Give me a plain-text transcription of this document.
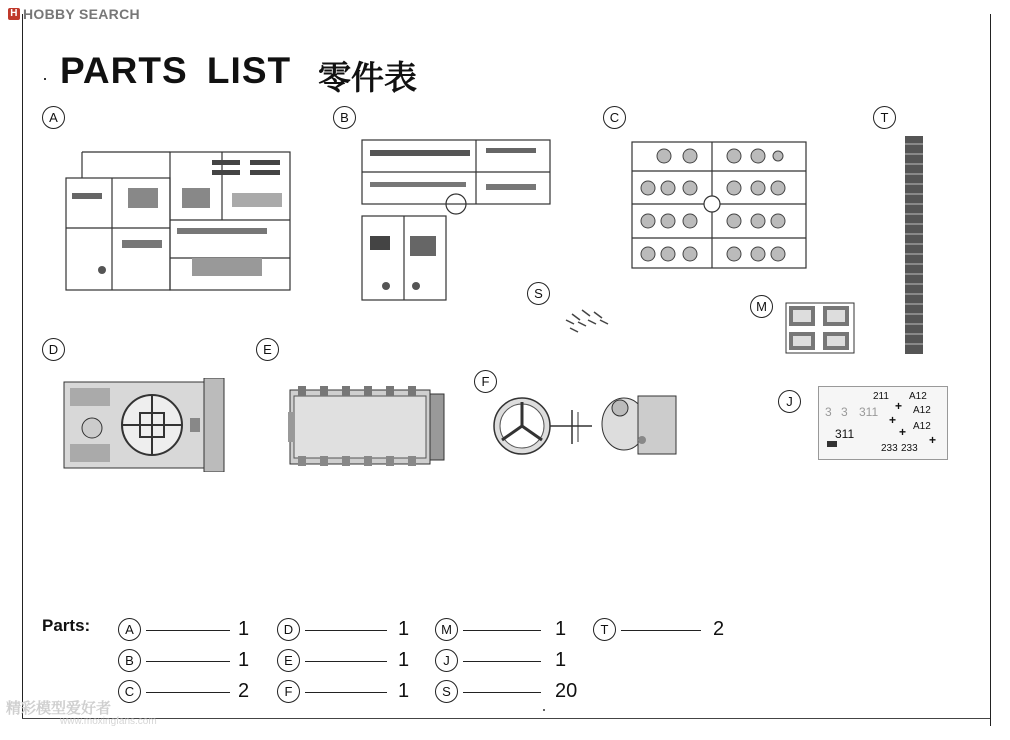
H HOBBY SEARCH
PARTS LIST 零件表
A	B	C	T
S
M
D	E
F
J	211 A12
A12
A12
3 3 311
311
233 233
+
+
+
+
Parts:	A	1	D	1	M	1	T	2
B	1	E	1	J	1
C	2	F	1	S	20
精彩模型爱好者
www.moxingfans.com
